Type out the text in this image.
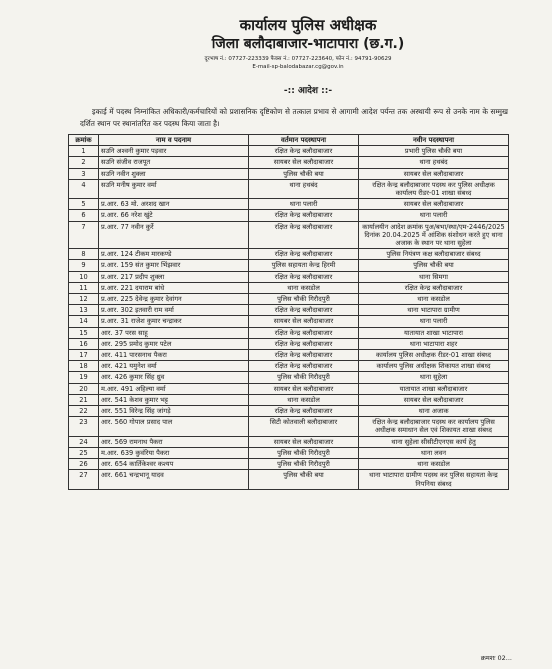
कार्यालय पुलिस अधीक्षक
जिला बलौदाबाजार-भाटापारा (छ.ग.)
दूरभाष नं.: 07727-223339 फैक्स नं.: 07727-223640, फोन नं.: 94791-90629
E-mail-sp-balodabazar.cg@gov.in
-:: आदेश ::-
इकाई में पदस्थ निम्नांकित अधिकारी/कर्मचारियों को प्रशासनिक दृष्टिकोण से तत्काल प्रभाव से आगामी आदेश पर्यन्त तक अस्थायी रूप से उनके नाम के सम्मुख दर्शित स्थान पर स्थानांतरित कर पदस्थ किया जाता है।
क्रमांक	नाम व पदनाम	वर्तमान पदस्थापना	नवीन पदस्थापना
1	सउनि अश्वनी कुमार पड़वार	रक्षित केन्द्र बलौदाबाजार	प्रभारी पुलिस चौकी बया
2	सउनि संजीव राजपूत	सायबर सेल बलौदाबाजार	थाना हथबंद
3	सउनि नवीन शुक्ला	पुलिस चौकी बया	सायबर सेल बलौदाबाजार
4	सउनि मनीष कुमार वर्मा	थाना हथबंद	रक्षित केन्द्र बलौदाबाजार पदस्थ कर पुलिस अधीक्षक कार्यालय रीडर-01 शाखा संबध्द
5	प्र.आर. 63 मो. अरशद खान	थाना पलारी	सायबर सेल बलौदाबाजार
6	प्र.आर. 66 नरेश खुंटे	रक्षित केन्द्र बलौदाबाजार	थाना पलारी
7	प्र.आर. 77 नवीन कुर्रे	रक्षित केन्द्र बलौदाबाजार	कार्यालयीन आदेश क्रमांक पुअ/बभा/स्था/एम-2446/2025 दिनांक 20.04.2025 में आंशिक संशोधन करते हुए थाना अजाक के स्थान पर थाना सुहेला
8	प्र.आर. 124 टीकम मारकण्डे	रक्षित केन्द्र बलौदाबाजार	पुलिस नियंत्रण कक्ष बलौदाबाजार संबध्द
9	प्र.आर. 159 संत कुमार भिंझवार	पुलिस सहायता केन्द्र हिरमी	पुलिस चौकी बया
10	प्र.आर. 217 प्रदीप शुक्ला	रक्षित केन्द्र बलौदाबाजार	थाना सिमगा
11	प्र.आर. 221 दयाराम बांधे	थाना कसडोल	रक्षित केन्द्र बलौदाबाजार
12	प्र.आर. 225 देवेन्द्र कुमार देवांगन	पुलिस चौकी गिरौदपुरी	थाना कसडोल
13	प्र.आर. 302 इतवारी राम वर्मा	रक्षित केन्द्र बलौदाबाजार	थाना भाटापारा ग्रामीण
14	प्र.आर. 31 राजेश कुमार चन्द्राकर	सायबर सेल बलौदाबाजार	थाना पलारी
15	आर. 37 परस साहू	रक्षित केन्द्र बलौदाबाजार	यातायात शाखा भाटापारा
16	आर. 295 प्रमोद कुमार पटेल	रक्षित केन्द्र बलौदाबाजार	थाना भाटापारा शहर
17	आर. 411 पारसनाथ पैकरा	रक्षित केन्द्र बलौदाबाजार	कार्यालय पुलिस अधीक्षक रीडर-01 शाखा संबध्द
18	आर. 421 यमुनेश वर्मा	रक्षित केन्द्र बलौदाबाजार	कार्यालय पुलिस अधीक्षक शिकायत शाखा संबध्द
19	आर. 426 कुमार सिंह ध्रुव	पुलिस चौकी गिरौदपुरी	थाना सुहेला
20	म.आर. 491 अहिल्या वर्मा	सायबर सेल बलौदाबाजार	यातायात शाखा बलौदाबाजार
21	आर. 541 केशव कुमार भट्ट	थाना कसडोल	सायबर सेल बलौदाबाजार
22	आर. 551 विरेन्द्र सिंह जांगड़े	रक्षित केन्द्र बलौदाबाजार	थाना अजाक
23	आर. 560 गोपाल प्रसाद पाल	सिटी कोतवाली बलौदाबाजार	रक्षित केन्द्र बलौदाबाजार पदस्थ कर कार्यालय पुलिस अधीक्षक समाधान सेल एवं शिकायत शाखा संबध्द
24	आर. 569 रामनाथ पैकरा	सायबर सेल बलौदाबाजार	थाना सुहेला सीसीटीएनएस कार्य हेतु
25	म.आर. 639 कुवंरिया पैकरा	पुलिस चौकी गिरौदपुरी	थाना लवन
26	आर. 654 कार्तिकेश्वर कश्यप	पुलिस चौकी गिरौदपुरी	थाना कसडोल
27	आर. 661 चन्द्रभानू यादव	पुलिस चौकी बया	थाना भाटापारा ग्रामीण पदस्थ कर पुलिस सहायता केन्द्र निपनिया संबध्द
क्रमशः 02...
